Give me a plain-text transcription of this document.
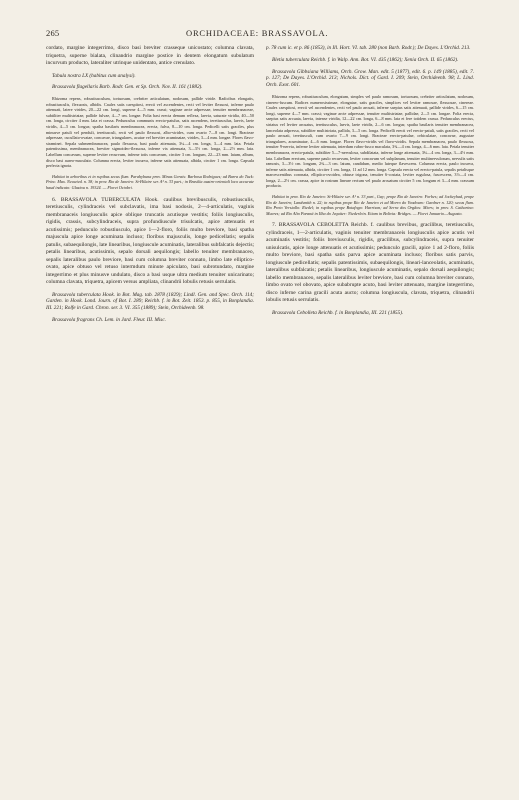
265	ORCHIDACEAE: BRASSAVOLA.

cordato, margine integerrimo, disco basi breviter crasseque unicostato; columna clavata, triquetra, superne bialata, clinandrio margine postice in dentem elongatum subulatum incurvum producto, lateraliter utrinque unidentato, antice crenulato.

Tabula nostra LX (habitus cum analysi).

Brassavola flagellaris Barb. Rodr. Gen. et Sp. Orch. Nov. II. 161 (1882).

Rhizoma repens, robustiusculum, tortuosum, crebriter articulatum, nodosum, pallide viride. Radicibus elongatis, robustiusculis, flexuosis, albidis. Caules satis caespitosi, erecti vel ascendentes, recti vel leviter flexuosi, inferne paulo attenuati, latere virides, 20—22 cm. longi, superne 4—5 mm. crassi; vaginae arcte adpressae, tenuiter membranaceae, subtiliter multistriatae, pallide fulvae, 4—7 cm. longae. Folia basi erecta demum reflexa, laevia, saturate viridia, 40—50 cm. longa, circiter 4 mm. lata et crassa. Pedunculus communis erecto-patulus, satis ascendens, teretiusculus, laevis, laete viridis, 4—5 cm. longus; spatha basilaris membranacea, erecta, fulva, 8—10 cm. longa. Pedicelli satis graciles, plus minusve patuli vel penduli, teretiusculi, recti vel paulo flexuosi, albo-virides, cum ovario 7—8 cm. longi. Bracteae adpressae, cucullato-ovatae, concavae, triangulares, acutae vel breviter acuminatae, virides, 3—4 mm. longae. Flores flavo-straminei. Sepala submembranacea, paulo flexuosa, basi paulo attenuata, 3¼—4 cm. longa, 3—4 mm. lata. Petala patentissima, membranacea, breviter sigmoideo-flexuosa, inferne vix attenuata, 3—3½ cm. longa, 2—2½ mm. lata. Labellum concavum, superne leviter recurvum, inferne totis concavum, circiter 3 cm. longum, 22—23 mm. latum, album, disco basi aureo-maculato. Columna erecta, leviter incurva, inferne satis attenuata, albida, circiter 1 cm. longa. Capsula perfecta ignota.

Habitat in arboribus et in rupibus secus flum. Parahybuna prov. Minas Gerais: Barbosa Rodrigues; ad Barra do Tuck: Princ. Max. Neuwied. n. 38; in prov. Rio de Janeiro: St-Hilaire ser. A¹ n. 33 part.; in Brasilia austro-orientali loco accurate haud indicato: Glaziou n. 19324. — Floret Octobri.

6. BRASSAVOLA TUBERCULATA Hook. caulibus brevibusculis, robustiusculis, teretiusculis, cylindraceis vel subclavatis, ima basi nodosis, 2—4-articulatis, vaginis membranaceis longiusculis apice oblique truncatis acutisque vestitis; foliis longiusculis, rigidis, crassis, subcylindraceis, supra profundiuscule trisulcatis, apice attenuatis et acutissimis; pedunculo robustiusculo, apice 1—2-floro, foliis multo breviore, basi spatha majuscula apice longe acuminata incluso; floribus majusculis, longe pedicellatis; sepalis patulis, subaequilongis, late linearibus, longiuscule acuminatis, lateralibus subfalcatis dejectis; petalis linearibus, acutissimis, sepalo dorsali aequilongis; labello tenuiter membranaceo, sepalis lateralibus paulo breviore, basi cum columna breviter connato, limbo late elliptico-ovato, apice obtuso vel retuso intermdum minute apiculato, basi subrotundato, margine integerrimo et plus minusve undulato, disco a basi usque ultra medium tenuiter unicarinato; columna clavata, triquetra, apicem versus ampliata, clinandrii lobulis retusis serrulatis.

Brassavola tuberculata Hook. in Bot. Mag. tab. 2878 (1829); Lindl. Gen. and Spec. Orch. 114; Garden. in Hook. Lond. Journ. of Bot. I. 289; Reichb. f. in Bot. Zeit. 1853. p. 855, in Bonplandia. III. 221; Rolfe in Gard. Chron. ser. 3. VI. 355 (1889); Stein, Orchideenb. 98.

Brassavola fragrans Ch. Lem. in Jard. Fleur. III. Misc.

p. 78 cum ic. et p. 86 (1853), in Ill. Hort. VI. tab. 280 (non Barb. Rodr.); De Dayes. L'Orchid. 213.

Bletia tuberculata Reichb. f. in Walp. Ann. Bot. VI. 435 (1862); Xenia Orch. II. 65 (1862).

Brassavola Gibbsiana Williams, Orch. Grow. Man. edit. 5 (1877), edit. 6. p. 149 (1885), edit. 7. p. 127; De Dayes. L'Orchid. 213; Nichols. Dict. of Gard. I. 209; Stein, Orchideenb. 98; L. Lind. Orch. Exot. 601.

Rhizoma repens, robustiusculum, elongatum, simplex vel paulo ramosum, tortuosum, crebriter articulatum, nodosum, cinereo-fuscum. Radices numerosissimae, elongatae, satis graciles, simplices vel leviter ramosae, flexuosae, cinereae. Caules caespitosi, erecti vel ascendentes, recti vel paulo arcuati, inferne saepius satis attenuati, pallide virides, 6—15 cm. longi, superne 4—7 mm. crassi; vaginae arcte adpressae, tenuiter multistriatae, pallidae, 2—5 cm. longae. Folia erecta, saepius satis arcuata, laevia, intense viridia, 12—22 cm. longa, 6—8 mm. lata et fere totidem crassa. Pedunculus erectus, striatus vel leviter arcuatus, teretiusculus, laevis, laete viridis, 2—6 cm. longus; spatha basilaris tenuiter membranacea, lanceolata adpressa, subtiliter multistriata, pallida, 3—5 cm. longa. Pedicelli erecti vel erecto-patuli, satis graciles, recti vel paulo arcuati, teretiusculi, cum ovario 7—9 cm. longi. Bracteae erecto-patulae, orbiculatae, concavae, augustae triangulares, acuminatae, 4—6 mm. longae. Flores flavo-viridis vel flavo-viridis. Sepala membranacea, paulo flexuosa, tenuiter 9-nervia, inferne leviter attenuata, interdum rubro-fusco maculata, 3¾—4 cm. longa, 4—6 mm. lata. Petala tenuiter membranacea, erecto-patula, subtiliter 5—7-nervulosa, subdilatata, inferne longe attenuata, 3¾—4 cm. longa, 3—4½ mm. lata. Labellum erectum, superne paulo recurvum, leviter concavum vel subplanum, tenuiter multinervulosum, nervulis satis ramosis, 3—3½ cm. longum, 2¾—3 cm. latum, candidum, medio luteque flavescens. Columna erecta, paulo incurva, inferne satis attenuata, albida, circiter 1 cm. longa, 11 ad 12 mm. longa. Capsula erecta vel erecto-patula, sepalis petalisque marcescentibus coronata, elliptico-ovoidea, obtuse trigona, tenuiter 6-costata, leviter rugulosa, fuscescens, 3½—4 cm. longa, 2—2½ cm. crassa, apice in rostrum lineare rectum vel paulo arcuatum circiter 5 cm. longum et 3—4 mm. crassum producta.

Habitat in prov. Rio de Janeiro: St-Hilaire ser. A¹ n. 33 part., Gay; prope Rio de Janeiro: Forbes; ad Jockeyhad, prope Rio de Janeiro; Landsmith n. 22; in rupibus prope Rio de Janeiro et ad Morro do Veadouro: Gardner n. 120; secus flum. Rio Preto Versiallo: Riedel; in rupibus prope Botafogo: Harrison; ad Serra dos Orgãos: Miers; in prov. S. Catharina: Mueres; ad Rio Alto Paraná in Ilha do Jequiter: Niederlein. Etiam in Bolivia: Bridges. — Floret Januario—Augusto.

7. BRASSAVOLA CEBOLETTA Reichb. f. caulibus brevibus, gracilibus, teretiusculis, cylindraceis, 1—2-articulatis, vaginis tenuiter membranaceis longiusculis apice acutis vel acuminatis vestitis; foliis breviusculis, rigidis, gracilibus, subcylindraceis, supra tenuiter unisulcatis, apice longe attenuatis et acutissimis; pedunculo gracili, apice 1 ad 2-floro, foliis multo breviore, basi spatha satis parva apice acuminata incluso; floribus satis parvis, longiuscule pedicellatis; sepalis patentissimis, subaequilongis, lineari-lanceolatis, acuminatis, lateralibus subfalcatis; petalis linearibus, longiuscule acuminatis, sepalo dorsali aequilongis; labello membranaceo, sepalis lateralibus leviter breviore, basi cum columna breviter connato, limbo ovato vel obovato, apice subabrupte acuto, basi leviter attenuato, margine integerrimo, disco inferne carina gracili acuta aucto; columna longiuscula, clavata, triquetra, clinandrii lobulis retusis serrulatis.

Brassavola Cebolleta Reichb. f. in Bonplandia, III. 221 (1855).
